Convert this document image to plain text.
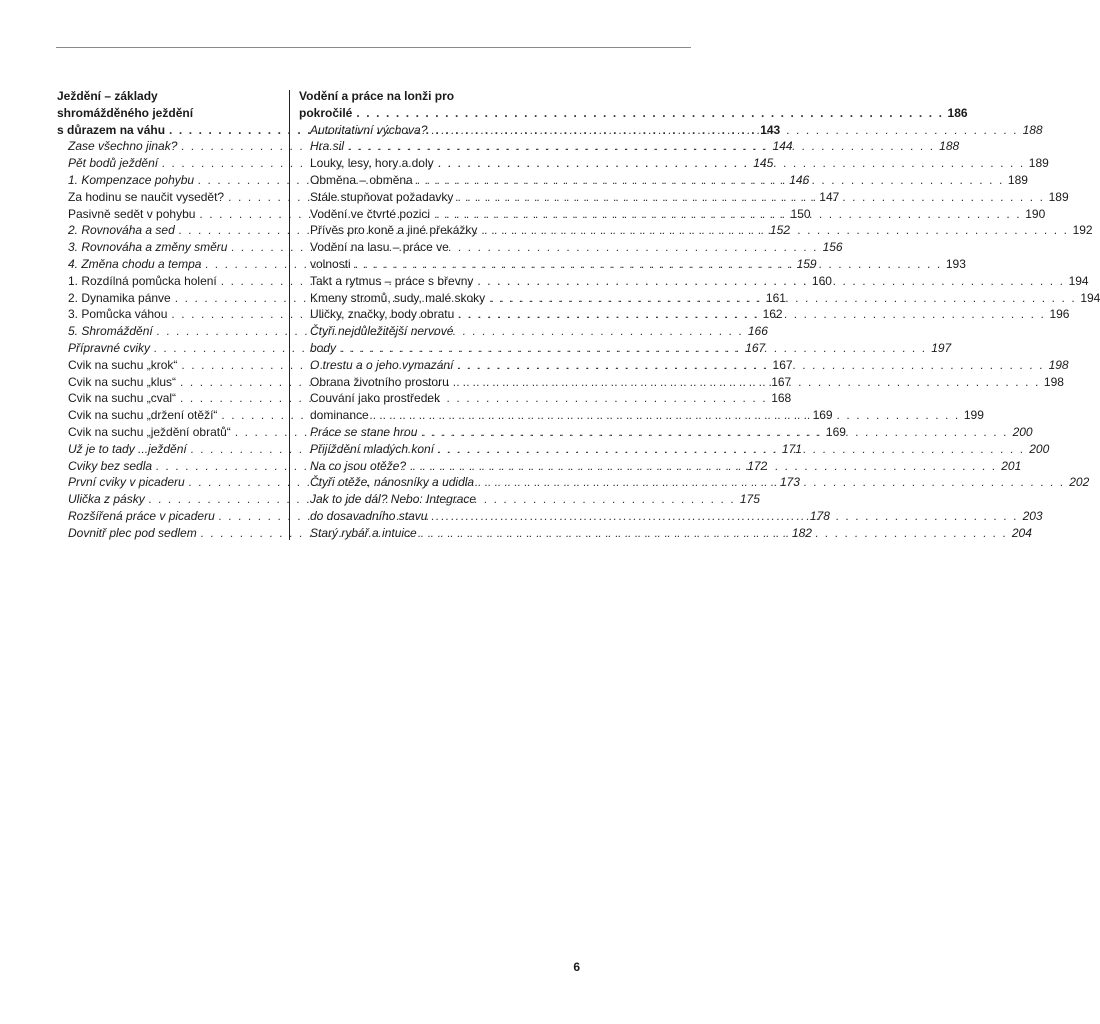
Ježdění – základy
shromážděného ježdění
s důrazem na váhu . . .	143
Zase všechno jinak? . . .	144
Pět bodů ježdění . . .	145
1. Kompenzace pohybu . . .	146
Za hodinu se naučit vysedět? . . .	147
Pasivně sedět v pohybu . . .	150
2. Rovnováha a sed . . .	152
3. Rovnováha a změny směru . . .	156
4. Změna chodu a tempa . . .	159
1. Rozdílná pomůcka holení . . .	160
2. Dynamika pánve . . .	161
3. Pomůcka váhou . . .	162
5. Shromáždění . . .	166
Přípravné cviky . . .	167
Cvik na suchu „krok“ . . .	167
Cvik na suchu „klus“ . . .	167
Cvik na suchu „cval“ . . .	168
Cvik na suchu „držení otěží“ . . .	169
Cvik na suchu „ježdění obratů“ . . .	169
Už je to tady ...ježdění . . .	171
Cviky bez sedla . . .	172
První cviky v picaderu . . .	173
Ulička z pásky . . .	175
Rozšířená práce v picaderu . . .	178
Dovnitř plec pod sedlem . . .	182
Vodění a práce na lonži pro
pokročilé . . .	186
Autoritativní výchova? . . .	188
Hra sil . . .	188
Louky, lesy, hory a doly . . .	189
Obměna – obměna . . .	189
Stále stupňovat požadavky . . .	189
Vodění ve čtvrté pozici . . .	190
Přívěs pro koně a jiné překážky . . .	192
Vodění na lasu – práce ve
volnosti . . .	193
Takt a rytmus – práce s břevny . . .	194
Kmeny stromů, sudy, malé skoky . . .	194
Uličky, značky, body obratu . . .	196
Čtyři nejdůležitější nervové
body . . .	197
O trestu a o jeho vymazání . . .	198
Obrana životního prostoru . . .	198
Couvání jako prostředek
dominance . . .	199
Práce se stane hrou . . .	200
Přijíždění mladých koní . . .	200
Na co jsou otěže? . . .	201
Čtyři otěže, nánosníky a udidla . . .	202
Jak to jde dál? Nebo: Integrace
do dosavadního stavu . . .	203
Starý rybář a intuice . . .	204
6
